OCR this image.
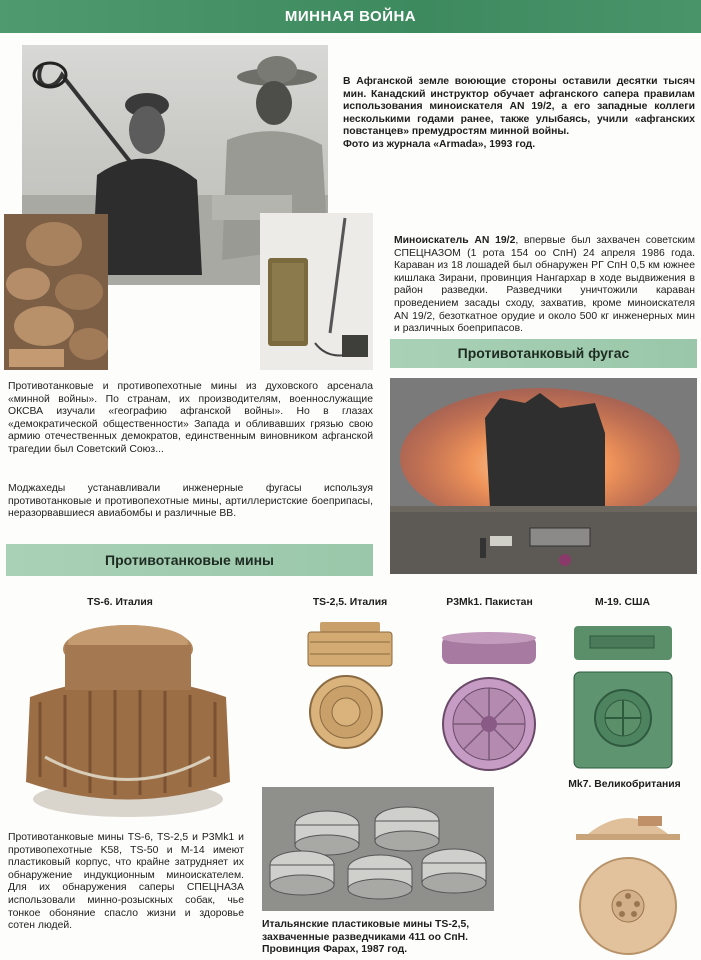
МИННАЯ ВОЙНА
В Афганской земле воюющие стороны оставили десятки тысяч мин. Канадский инструктор обучает афганского сапера правилам использования миноискателя AN 19/2, а его западные коллеги несколькими годами ранее, также улыбаясь, учили «афганских повстанцев» премудростям минной войны.
Фото из журнала «Armada», 1993 год.
Миноискатель AN 19/2, впервые был захвачен советским СПЕЦНАЗОМ (1 рота 154 оо СпН) 24 апреля 1986 года. Караван из 18 лошадей был обнаружен РГ СпН 0,5 км южнее кишлака Зирани, провинция Нангархар в ходе выдвижения в район разведки. Разведчики уничтожили караван проведением засады сходу, захватив, кроме миноискателя AN 19/2, безоткатное орудие и около 500 кг инженерных мин и различных боеприпасов.
Противотанковый фугас
Противотанковые и противопехотные мины из духовского арсенала «минной войны». По странам, их производителям, военнослужащие ОКСВА изучали «географию афганской войны». Но в глазах «демократической общественности» Запада и обливавших грязью свою армию отечественных демократов, единственным виновником афганской трагедии был Советский Союз...
Моджахеды устанавливали инженерные фугасы используя противотанковые и противопехотные мины, артиллеристские боеприпасы, неразорвавшиеся авиабомбы и различные ВВ.
Противотанковые мины
TS-6. Италия	TS-2,5. Италия	P3Mk1. Пакистан	M-19. США
Mk7. Великобритания
Итальянские пластиковые мины TS-2,5, захваченные разведчиками 411 оо СпН. Провинция Фарах, 1987 год.
Противотанковые мины TS-6, TS-2,5 и P3Mk1 и противопехотные K58, TS-50 и M-14 имеют пластиковый корпус, что крайне затрудняет их обнаружение индукционным миноискателем. Для их обнаружения саперы СПЕЦНАЗА использовали минно-розыскных собак, чье тонкое обоняние спасло жизни и здоровье сотен людей.
